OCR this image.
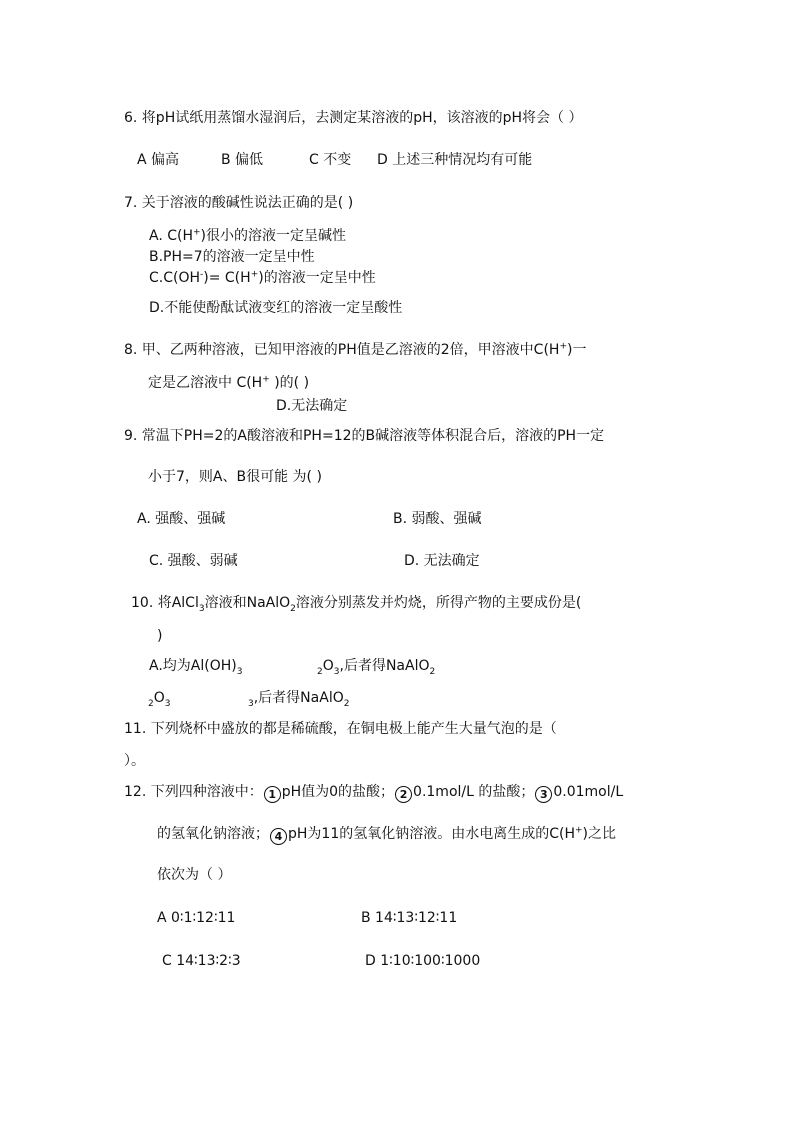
6. 将pH试纸用蒸馏水湿润后，去测定某溶液的pH，该溶液的pH将会（ ）
A 偏高	B 偏低	C 不变 D 上述三种情况均有可能
7. 关于溶液的酸碱性说法正确的是( )
A. C(H+)很小的溶液一定呈碱性
B.PH=7的溶液一定呈中性
C.C(OH-)= C(H+)的溶液一定呈中性
D.不能使酚酞试液变红的溶液一定呈酸性
8. 甲、乙两种溶液，已知甲溶液的PH值是乙溶液的2倍，甲溶液中C(H+)一
定是乙溶液中 C(H+ )的( )
D.无法确定
9. 常温下PH=2的A酸溶液和PH=12的B碱溶液等体积混合后，溶液的PH一定
小于7，则A、B很可能 为( )
A. 强酸、强碱	B. 弱酸、强碱
C. 强酸、弱碱	D. 无法确定
10. 将AlCl$_3$溶液和NaAlO$_2$溶液分别蒸发并灼烧，所得产物的主要成份是(
)
A.均为$Al(OH)_3$	$_2O_3$,后者得NaAlO$_2$
$_2O_3$	$_3$,后者得NaAlO$_2$
11. 下列烧杯中盛放的都是稀硫酸，在铜电极上能产生大量气泡的是（
）。
12. 下列四种溶液中： 1 pH值为0的盐酸； 2 0.1mol/L 的盐酸； 3 0.01mol/L
的氢氧化钠溶液； 4 pH为11的氢氧化钠溶液。由水电离生成的C(H+)之比
依次为（ ）
A 0∶1∶12∶11	B 14∶13∶12∶11
C 14∶13∶2∶3	D 1∶10∶100∶1000
